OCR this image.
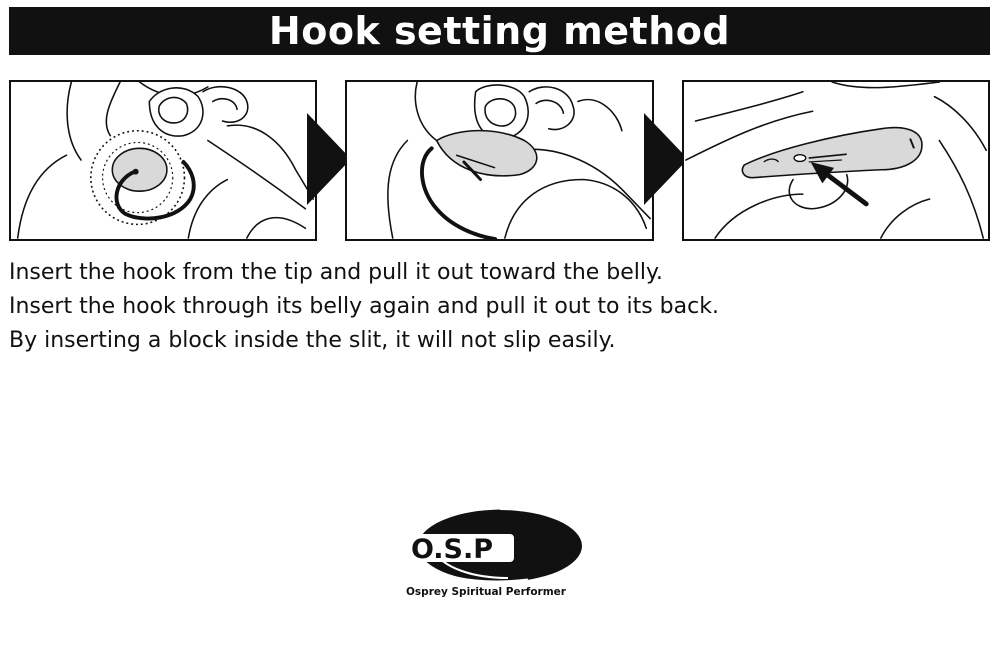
Hook setting method

Insert the hook from the tip and pull it out toward the belly.

Insert the hook through its belly again and pull it out to its back.

By inserting a block inside the slit, it will not slip easily.

O.S.P
Osprey Spiritual Performer
